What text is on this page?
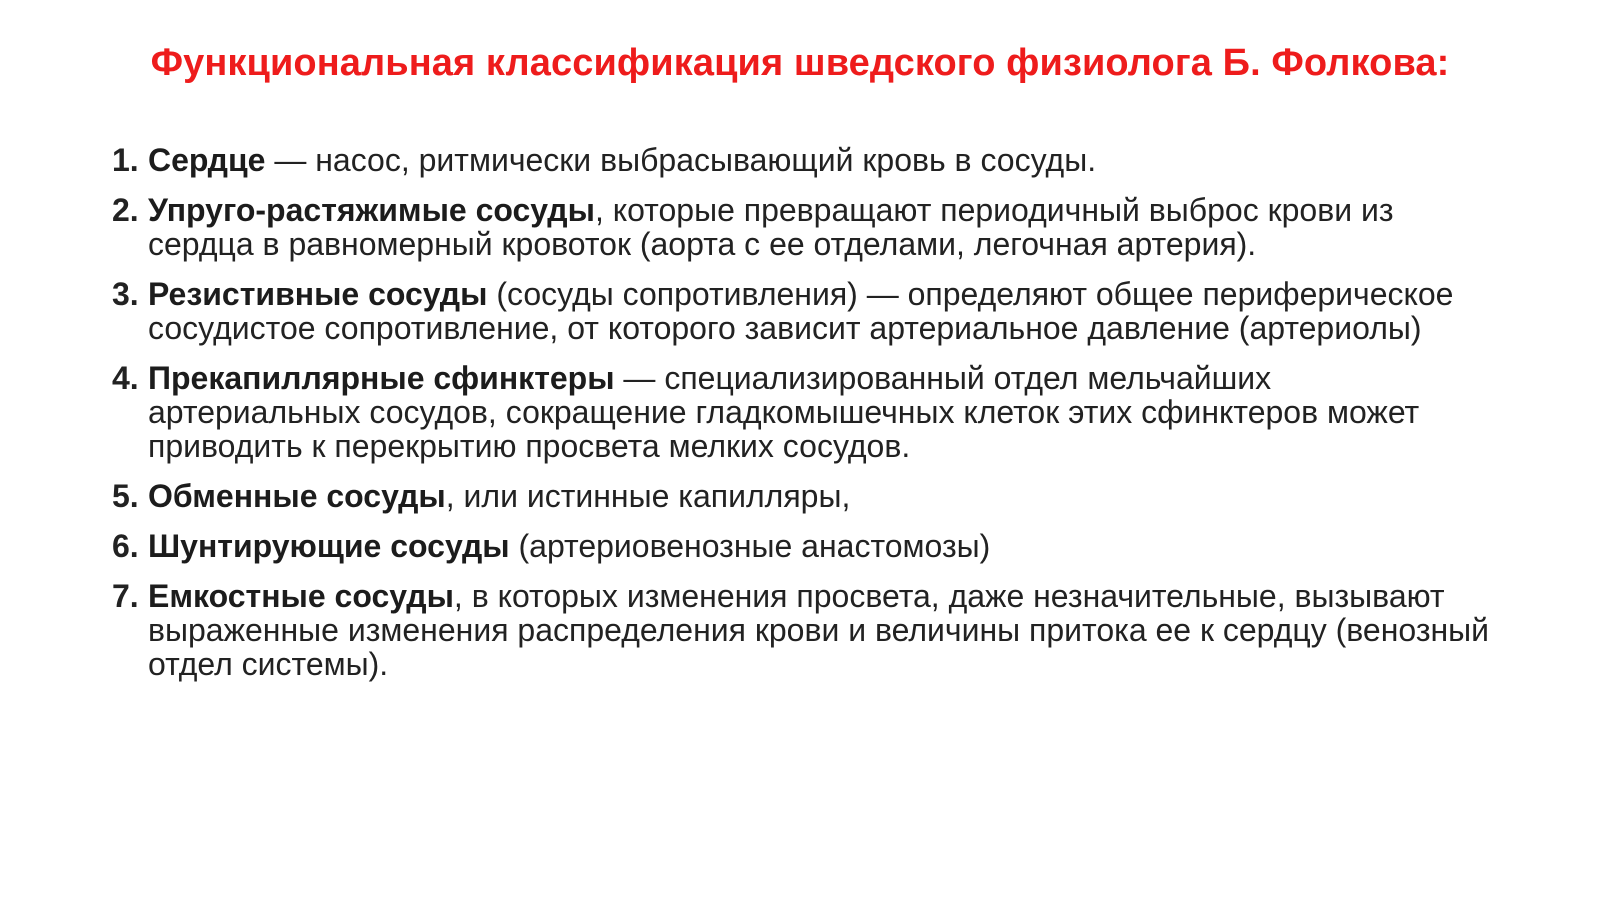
Функциональная классификация шведского физиолога Б. Фолкова:
1. Сердце — насос, ритмически выбрасывающий кровь в сосуды.
2. Упруго-растяжимые сосуды, которые превращают периодичный выброс крови из сердца в равномерный кровоток (аорта с ее отделами, легочная артерия).
3. Резистивные сосуды (сосуды сопротивления) — определяют общее периферическое сосудистое сопротивление, от которого зависит артериальное давление (артериолы)
4. Прекапиллярные сфинктеры — специализированный отдел мельчайших артериальных сосудов, сокращение гладкомышечных клеток этих сфинктеров может приводить к перекрытию просвета мелких сосудов.
5. Обменные сосуды, или истинные капилляры,
6. Шунтирующие сосуды (артериовенозные анастомозы)
7. Емкостные сосуды, в которых изменения просвета, даже незначительные, вызывают выраженные изменения распределения крови и величины притока ее к сердцу (венозный отдел системы).
